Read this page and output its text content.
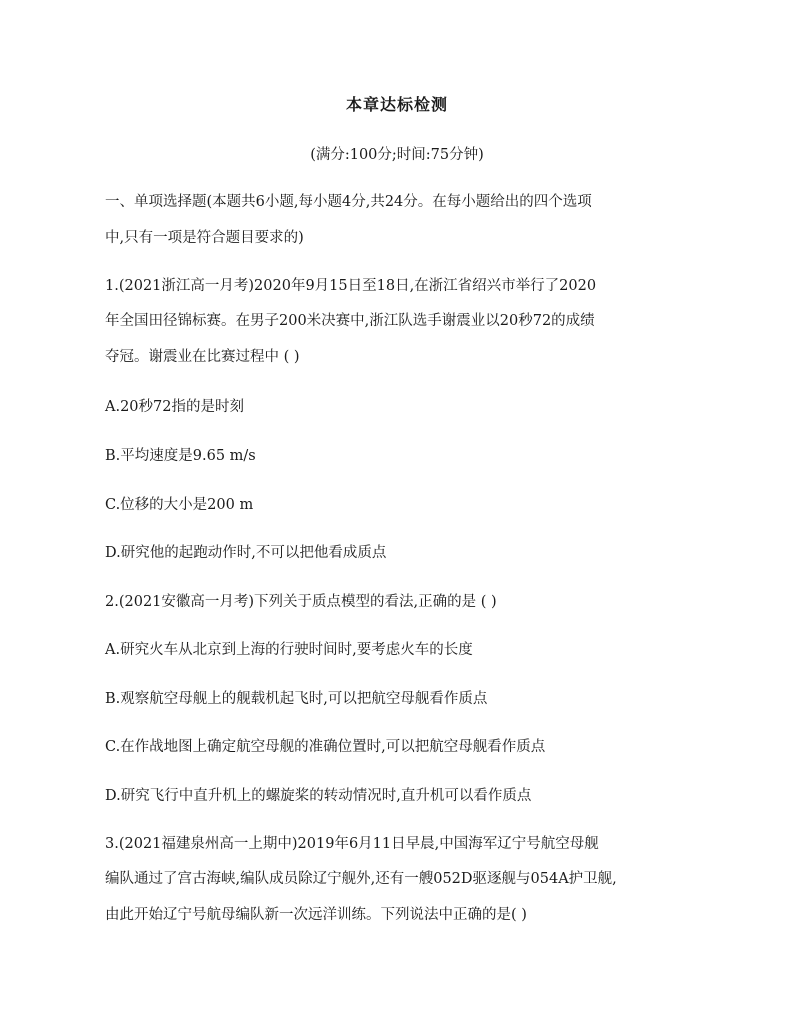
本章达标检测
(满分:100分;时间:75分钟)
一、单项选择题(本题共6小题,每小题4分,共24分。在每小题给出的四个选项
中,只有一项是符合题目要求的)
1.(2021浙江高一月考)2020年9月15日至18日,在浙江省绍兴市举行了2020
年全国田径锦标赛。在男子200米决赛中,浙江队选手谢震业以20秒72的成绩
夺冠。谢震业在比赛过程中 ( )
A.20秒72指的是时刻
B.平均速度是9.65 m/s
C.位移的大小是200 m
D.研究他的起跑动作时,不可以把他看成质点
2.(2021安徽高一月考)下列关于质点模型的看法,正确的是 ( )
A.研究火车从北京到上海的行驶时间时,要考虑火车的长度
B.观察航空母舰上的舰载机起飞时,可以把航空母舰看作质点
C.在作战地图上确定航空母舰的准确位置时,可以把航空母舰看作质点
D.研究飞行中直升机上的螺旋桨的转动情况时,直升机可以看作质点
3.(2021福建泉州高一上期中)2019年6月11日早晨,中国海军辽宁号航空母舰
编队通过了宫古海峡,编队成员除辽宁舰外,还有一艘052D驱逐舰与054A护卫舰,
由此开始辽宁号航母编队新一次远洋训练。下列说法中正确的是( )
